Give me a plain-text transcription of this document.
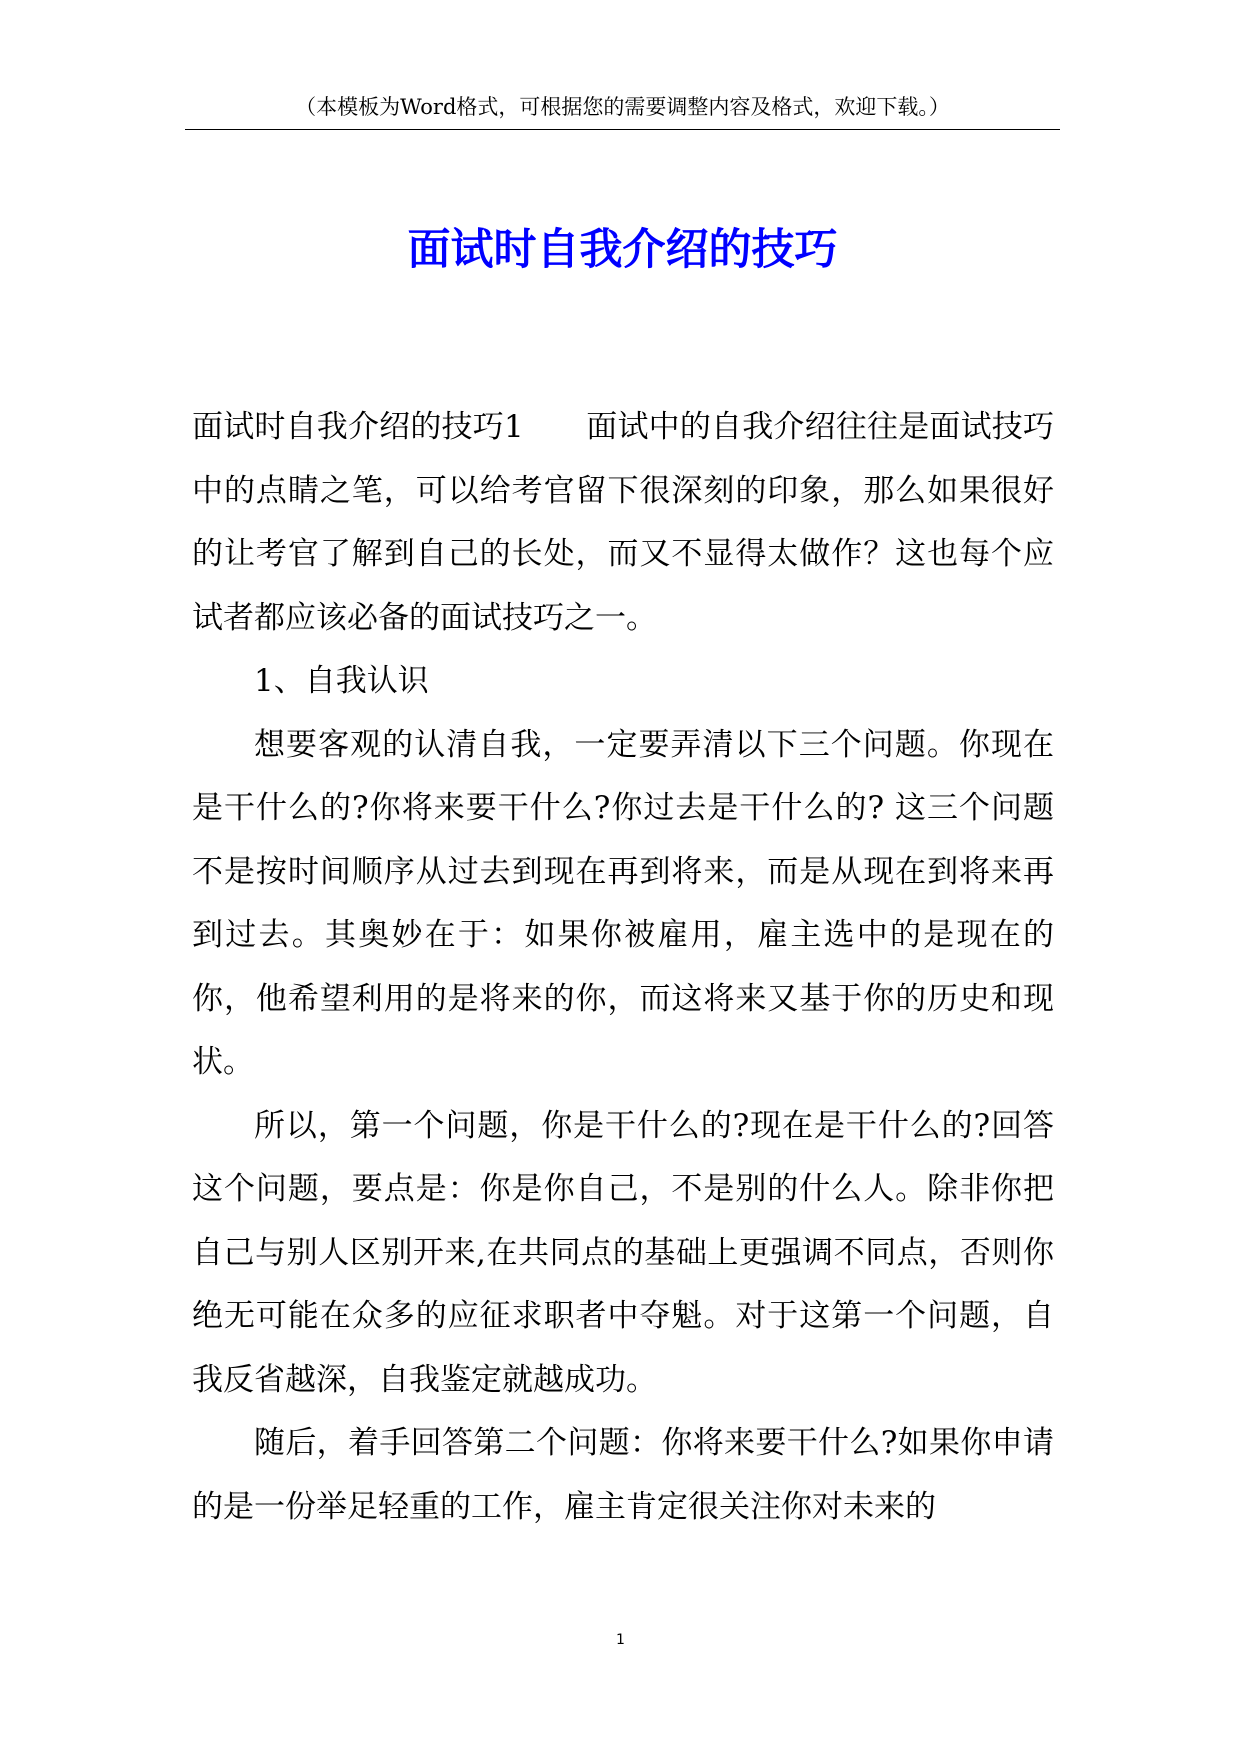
（本模板为Word格式，可根据您的需要调整内容及格式，欢迎下载。）
面试时自我介绍的技巧

面试时自我介绍的技巧1　　面试中的自我介绍往往是面试技巧中的点睛之笔，可以给考官留下很深刻的印象，那么如果很好的让考官了解到自己的长处，而又不显得太做作？这也每个应试者都应该必备的面试技巧之一。

1、自我认识

想要客观的认清自我，一定要弄清以下三个问题。你现在是干什么的?你将来要干什么?你过去是干什么的? 这三个问题不是按时间顺序从过去到现在再到将来，而是从现在到将来再到过去。其奥妙在于：如果你被雇用，雇主选中的是现在的你，他希望利用的是将来的你，而这将来又基于你的历史和现状。

所以，第一个问题，你是干什么的?现在是干什么的?回答这个问题，要点是：你是你自己，不是别的什么人。除非你把自己与别人区别开来,在共同点的基础上更强调不同点，否则你绝无可能在众多的应征求职者中夺魁。对于这第一个问题，自我反省越深，自我鉴定就越成功。

随后，着手回答第二个问题：你将来要干什么?如果你申请的是一份举足轻重的工作，雇主肯定很关注你对未来的

1
